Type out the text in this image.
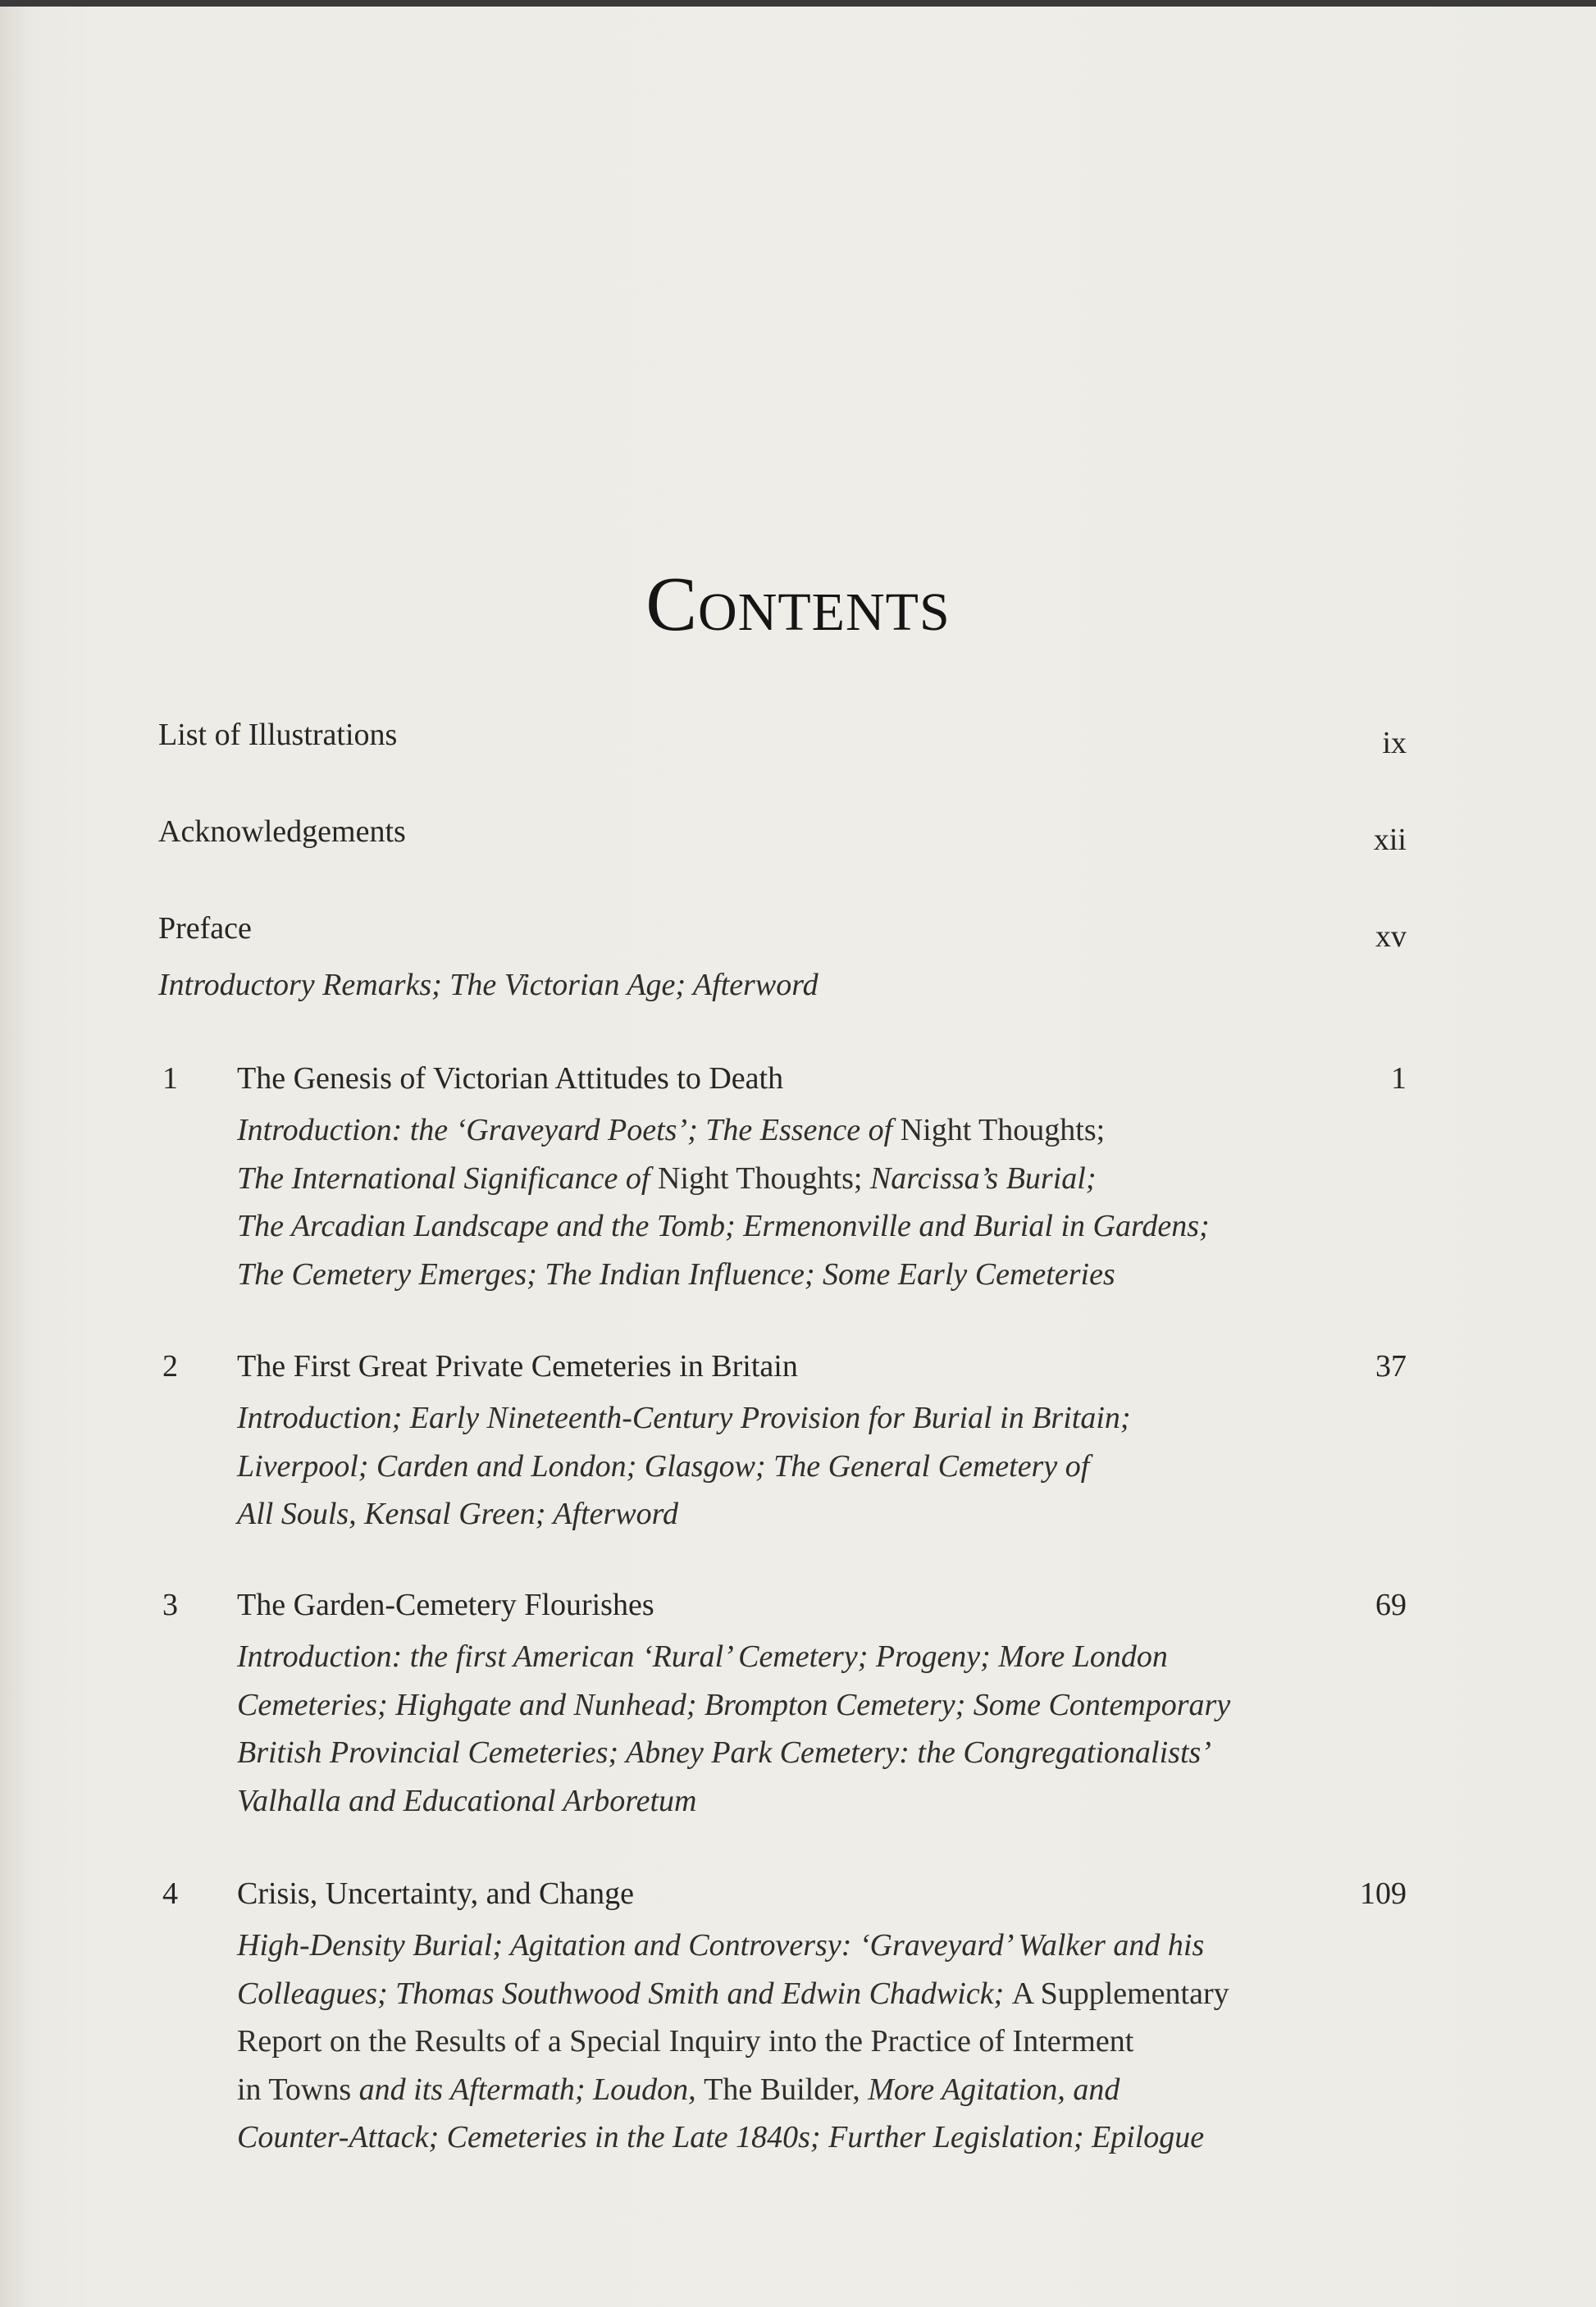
Contents
List of Illustrations	ix
Acknowledgements	xii
Preface	xv
Introductory Remarks; The Victorian Age; Afterword
1 The Genesis of Victorian Attitudes to Death	1
Introduction: the ‘Graveyard Poets’; The Essence of Night Thoughts;
The International Significance of Night Thoughts; Narcissa’s Burial;
The Arcadian Landscape and the Tomb; Ermenonville and Burial in Gardens;
The Cemetery Emerges; The Indian Influence; Some Early Cemeteries
2 The First Great Private Cemeteries in Britain	37
Introduction; Early Nineteenth-Century Provision for Burial in Britain;
Liverpool; Carden and London; Glasgow; The General Cemetery of
All Souls, Kensal Green; Afterword
3 The Garden-Cemetery Flourishes	69
Introduction: the first American ‘Rural’ Cemetery; Progeny; More London
Cemeteries; Highgate and Nunhead; Brompton Cemetery; Some Contemporary
British Provincial Cemeteries; Abney Park Cemetery: the Congregationalists’
Valhalla and Educational Arboretum
4 Crisis, Uncertainty, and Change	109
High-Density Burial; Agitation and Controversy: ‘Graveyard’ Walker and his
Colleagues; Thomas Southwood Smith and Edwin Chadwick; A Supplementary
Report on the Results of a Special Inquiry into the Practice of Interment
in Towns and its Aftermath; Loudon, The Builder, More Agitation, and
Counter-Attack; Cemeteries in the Late 1840s; Further Legislation; Epilogue
